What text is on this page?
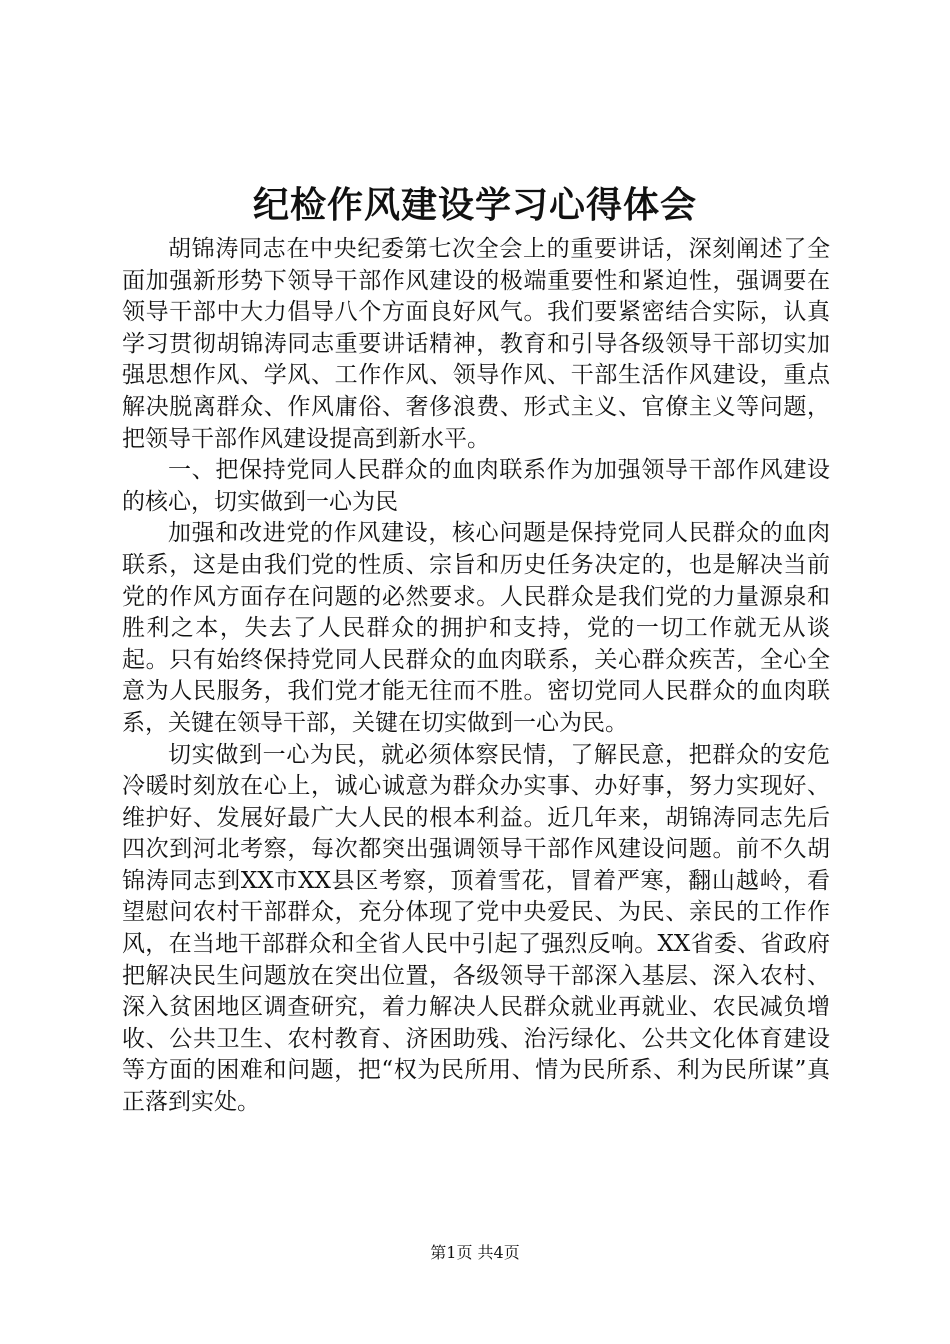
纪检作风建设学习心得体会

胡锦涛同志在中央纪委第七次全会上的重要讲话，深刻阐述了全面加强新形势下领导干部作风建设的极端重要性和紧迫性，强调要在领导干部中大力倡导八个方面良好风气。我们要紧密结合实际，认真学习贯彻胡锦涛同志重要讲话精神，教育和引导各级领导干部切实加强思想作风、学风、工作作风、领导作风、干部生活作风建设，重点解决脱离群众、作风庸俗、奢侈浪费、形式主义、官僚主义等问题，把领导干部作风建设提高到新水平。

一、把保持党同人民群众的血肉联系作为加强领导干部作风建设的核心，切实做到一心为民

加强和改进党的作风建设，核心问题是保持党同人民群众的血肉联系，这是由我们党的性质、宗旨和历史任务决定的，也是解决当前党的作风方面存在问题的必然要求。人民群众是我们党的力量源泉和胜利之本，失去了人民群众的拥护和支持，党的一切工作就无从谈起。只有始终保持党同人民群众的血肉联系，关心群众疾苦，全心全意为人民服务，我们党才能无往而不胜。密切党同人民群众的血肉联系，关键在领导干部，关键在切实做到一心为民。

切实做到一心为民，就必须体察民情，了解民意，把群众的安危冷暖时刻放在心上，诚心诚意为群众办实事、办好事，努力实现好、维护好、发展好最广大人民的根本利益。近几年来，胡锦涛同志先后四次到河北考察，每次都突出强调领导干部作风建设问题。前不久胡锦涛同志到XX市XX县区考察，顶着雪花，冒着严寒，翻山越岭，看望慰问农村干部群众，充分体现了党中央爱民、为民、亲民的工作作风，在当地干部群众和全省人民中引起了强烈反响。XX省委、省政府把解决民生问题放在突出位置，各级领导干部深入基层、深入农村、深入贫困地区调查研究，着力解决人民群众就业再就业、农民减负增收、公共卫生、农村教育、济困助残、治污绿化、公共文化体育建设等方面的困难和问题，把“权为民所用、情为民所系、利为民所谋”真正落到实处。

第1页 共4页
